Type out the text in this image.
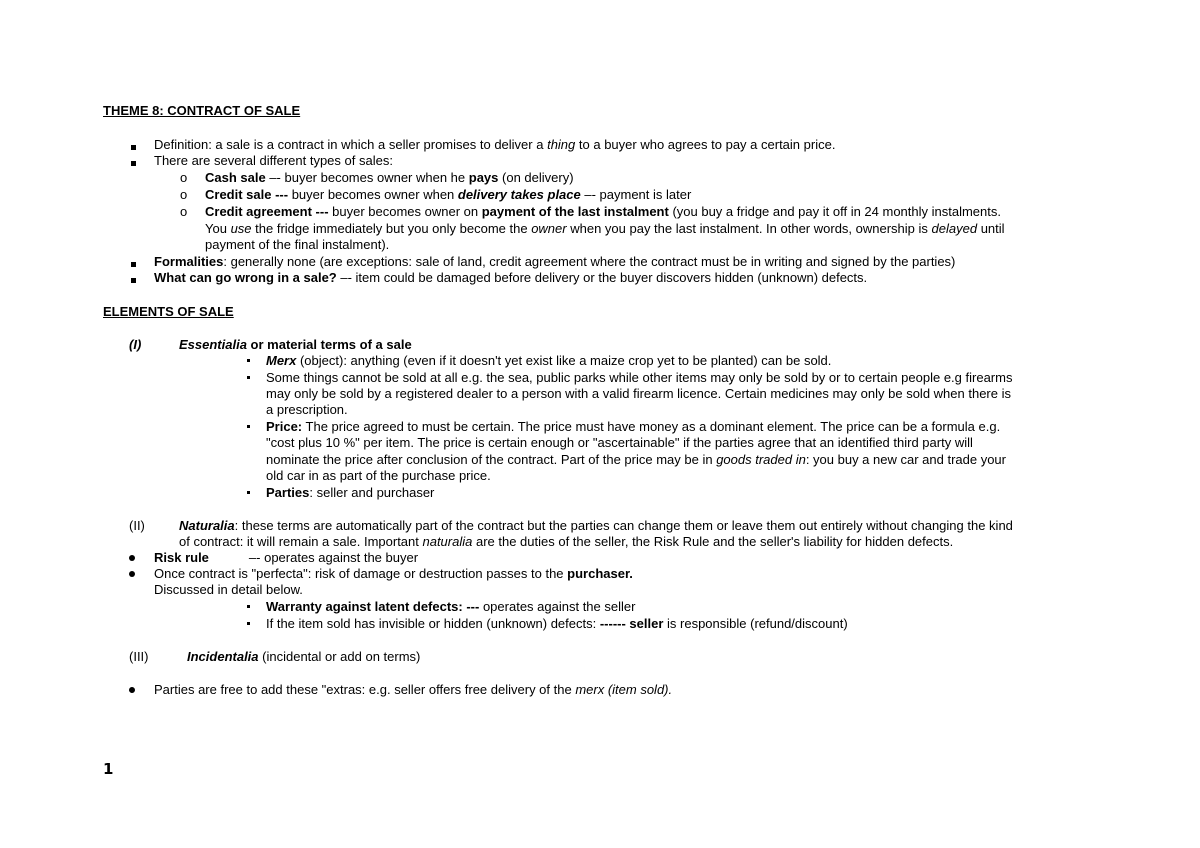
THEME 8: CONTRACT OF SALE
Definition: a sale is a contract in which a seller promises to deliver a thing to a buyer who agrees to pay a certain price.
There are several different types of sales:
o Cash sale –- buyer becomes owner when he pays (on delivery)
o Credit sale --- buyer becomes owner when delivery takes place –- payment is later
o Credit agreement --- buyer becomes owner on payment of the last instalment (you buy a fridge and pay it off in 24 monthly instalments.
You use the fridge immediately but you only become the owner when you pay the last instalment. In other words, ownership is delayed until
payment of the final instalment).
Formalities: generally none (are exceptions: sale of land, credit agreement where the contract must be in writing and signed by the parties)
What can go wrong in a sale? –- item could be damaged before delivery or the buyer discovers hidden (unknown) defects.
ELEMENTS OF SALE
(I)	Essentialia or material terms of a sale
Merx (object): anything (even if it doesn't yet exist like a maize crop yet to be planted) can be sold.
Some things cannot be sold at all e.g. the sea, public parks while other items may only be sold by or to certain people e.g firearms
may only be sold by a registered dealer to a person with a valid firearm licence. Certain medicines may only be sold when there is
a prescription.
Price: The price agreed to must be certain. The price must have money as a dominant element. The price can be a formula e.g.
"cost plus 10 %" per item. The price is certain enough or "ascertainable" if the parties agree that an identified third party will
nominate the price after conclusion of the contract. Part of the price may be in goods traded in: you buy a new car and trade your
old car in as part of the purchase price.
Parties: seller and purchaser
(II)	Naturalia: these terms are automatically part of the contract but the parties can change them or leave them out entirely without changing the kind
of contract: it will remain a sale. Important naturalia are the duties of the seller, the Risk Rule and the seller's liability for hidden defects.
Risk rule	–- operates against the buyer
Once contract is "perfecta": risk of damage or destruction passes to the purchaser.
Discussed in detail below.
Warranty against latent defects: --- operates against the seller
If the item sold has invisible or hidden (unknown) defects: ------ seller is responsible (refund/discount)
(III)	Incidentalia (incidental or add on terms)
Parties are free to add these "extras: e.g. seller offers free delivery of the merx (item sold).
1
